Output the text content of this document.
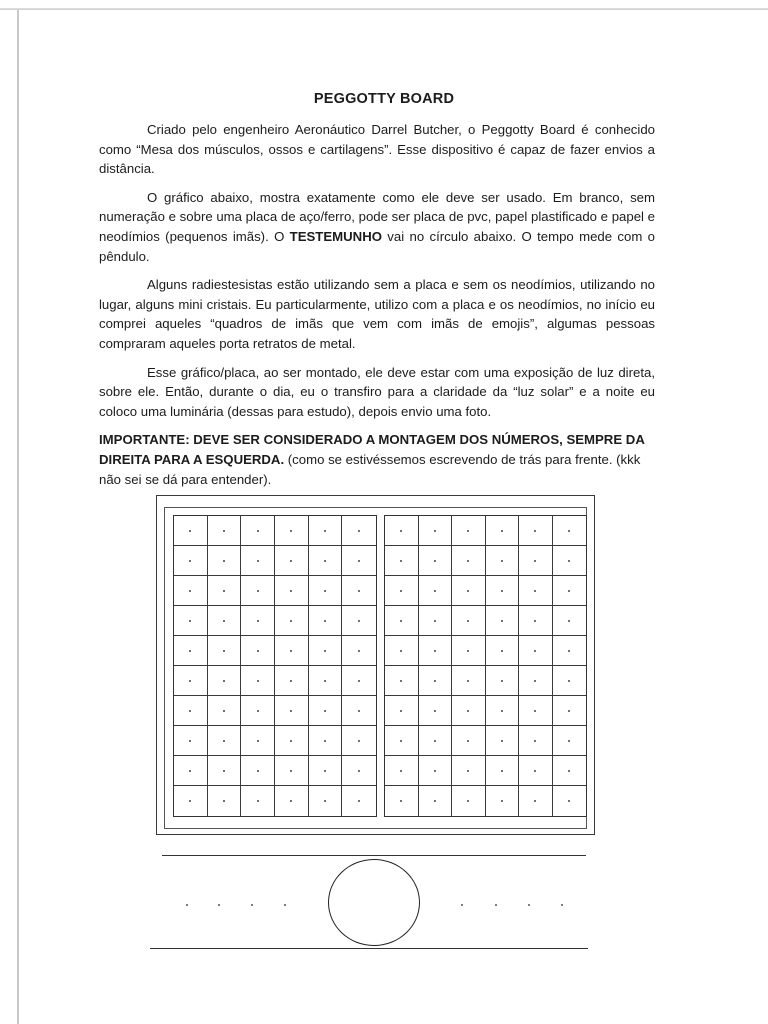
PEGGOTTY BOARD

Criado pelo engenheiro Aeronáutico Darrel Butcher, o Peggotty Board é conhecido como “Mesa dos músculos, ossos e cartilagens”. Esse dispositivo é capaz de fazer envios a distância.

O gráfico abaixo, mostra exatamente como ele deve ser usado. Em branco, sem numeração e sobre uma placa de aço/ferro, pode ser placa de pvc, papel plastificado e papel e neodímios (pequenos imãs). O TESTEMUNHO vai no círculo abaixo. O tempo mede com o pêndulo.

Alguns radiestesistas estão utilizando sem a placa e sem os neodímios, utilizando no lugar, alguns mini cristais. Eu particularmente, utilizo com a placa e os neodímios, no início eu comprei aqueles “quadros de imãs que vem com imãs de emojis”, algumas pessoas compraram aqueles porta retratos de metal.

Esse gráfico/placa, ao ser montado, ele deve estar com uma exposição de luz direta, sobre ele. Então, durante o dia, eu o transfiro para a claridade da “luz solar” e a noite eu coloco uma luminária (dessas para estudo), depois envio uma foto.

IMPORTANTE: DEVE SER CONSIDERADO A MONTAGEM DOS NÚMEROS, SEMPRE DA DIREITA PARA A ESQUERDA. (como se estivéssemos escrevendo de trás para frente. (kkk não sei se dá para entender).
